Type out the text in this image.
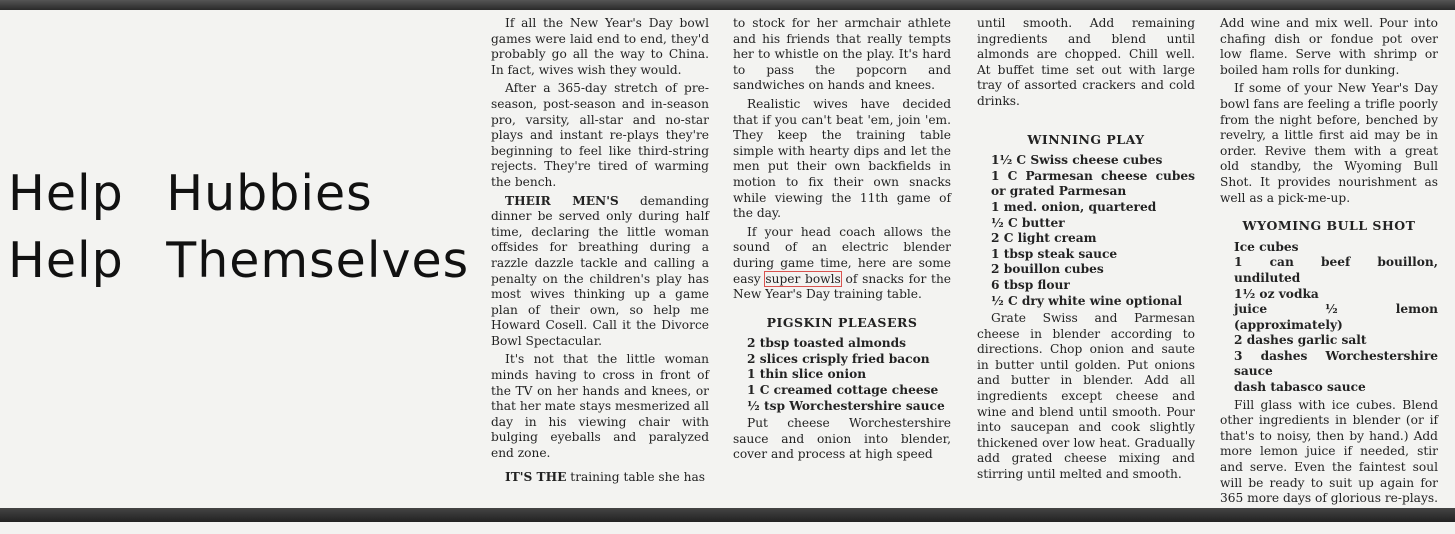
Help Hubbies
Help Themselves

If all the New Year's Day bowl games were laid end to end, they'd probably go all the way to China. In fact, wives wish they would.

After a 365-day stretch of pre-season, post-season and in-season pro, varsity, all-star and no-star plays and instant re-plays they're beginning to feel like third-string rejects. They're tired of warming the bench.

THEIR MEN'S demanding dinner be served only during half time, declaring the little woman offsides for breathing during a razzle dazzle tackle and calling a penalty on the children's play has most wives thinking up a game plan of their own, so help me Howard Cosell. Call it the Divorce Bowl Spectacular.

It's not that the little woman minds having to cross in front of the TV on her hands and knees, or that her mate stays mesmerized all day in his viewing chair with bulging eyeballs and paralyzed end zone.

IT'S THE training table she has

to stock for her armchair athlete and his friends that really tempts her to whistle on the play. It's hard to pass the popcorn and sandwiches on hands and knees.

Realistic wives have decided that if you can't beat 'em, join 'em. They keep the training table simple with hearty dips and let the men put their own backfields in motion to fix their own snacks while viewing the 11th game of the day.

If your head coach allows the sound of an electric blender during game time, here are some easy super bowls of snacks for the New Year's Day training table.

PIGSKIN PLEASERS
2 tbsp toasted almonds
2 slices crisply fried bacon
1 thin slice onion
1 C creamed cottage cheese
½ tsp Worchestershire sauce

Put cheese Worchestershire sauce and onion into blender, cover and process at high speed

until smooth. Add remaining ingredients and blend until almonds are chopped. Chill well. At buffet time set out with large tray of assorted crackers and cold drinks.

WINNING PLAY
1½ C Swiss cheese cubes
1 C Parmesan cheese cubes or grated Parmesan
1 med. onion, quartered
½ C butter
2 C light cream
1 tbsp steak sauce
2 bouillon cubes
6 tbsp flour
½ C dry white wine optional

Grate Swiss and Parmesan cheese in blender according to directions. Chop onion and saute in butter until golden. Put onions and butter in blender. Add all ingredients except cheese and wine and blend until smooth. Pour into saucepan and cook slightly thickened over low heat. Gradually add grated cheese mixing and stirring until melted and smooth.

Add wine and mix well. Pour into chafing dish or fondue pot over low flame. Serve with shrimp or boiled ham rolls for dunking.

If some of your New Year's Day bowl fans are feeling a trifle poorly from the night before, benched by revelry, a little first aid may be in order. Revive them with a great old standby, the Wyoming Bull Shot. It provides nourishment as well as a pick-me-up.

WYOMING BULL SHOT
Ice cubes
1 can beef bouillon, undiluted
1½ oz vodka
juice ½ lemon (approximately)
2 dashes garlic salt
3 dashes Worchestershire sauce
dash tabasco sauce

Fill glass with ice cubes. Blend other ingredients in blender (or if that's to noisy, then by hand.) Add more lemon juice if needed, stir and serve. Even the faintest soul will be ready to suit up again for 365 more days of glorious re-plays.
